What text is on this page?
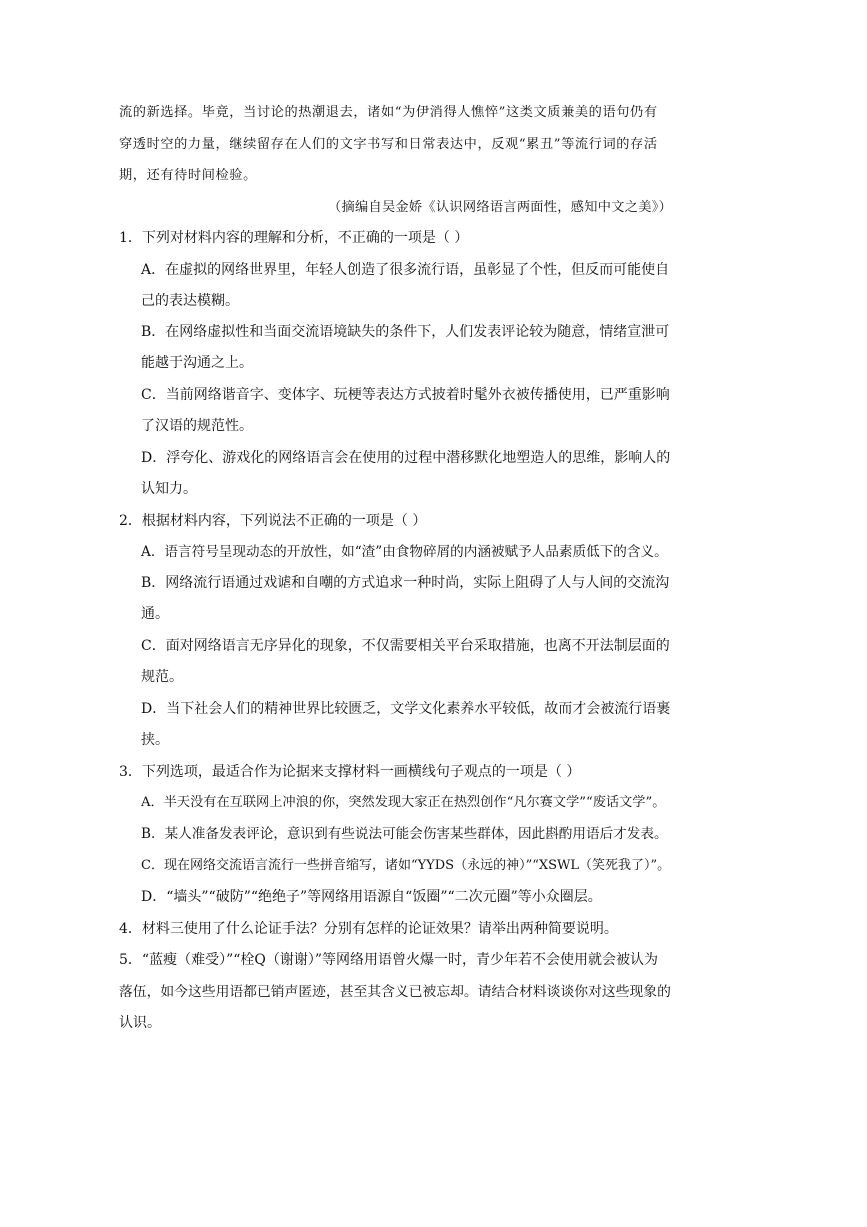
流的新选择。毕竟，当讨论的热潮退去，诸如“为伊消得人憔悴”这类文质兼美的语句仍有
穿透时空的力量，继续留存在人们的文字书写和日常表达中，反观“累丑”等流行词的存活
期，还有待时间检验。
（摘编自吴金娇《认识网络语言两面性，感知中文之美》）
1．下列对材料内容的理解和分析，不正确的一项是（ ）
A．在虚拟的网络世界里，年轻人创造了很多流行语，虽彰显了个性，但反而可能使自
己的表达模糊。
B．在网络虚拟性和当面交流语境缺失的条件下，人们发表评论较为随意，情绪宣泄可
能越于沟通之上。
C．当前网络谐音字、变体字、玩梗等表达方式披着时髦外衣被传播使用，已严重影响
了汉语的规范性。
D．浮夸化、游戏化的网络语言会在使用的过程中潜移默化地塑造人的思维，影响人的
认知力。
2．根据材料内容，下列说法不正确的一项是（ ）
A．语言符号呈现动态的开放性，如“渣”由食物碎屑的内涵被赋予人品素质低下的含义。
B．网络流行语通过戏谑和自嘲的方式追求一种时尚，实际上阻碍了人与人间的交流沟
通。
C．面对网络语言无序异化的现象，不仅需要相关平台采取措施，也离不开法制层面的
规范。
D．当下社会人们的精神世界比较匮乏，文学文化素养水平较低，故而才会被流行语裹
挟。
3．下列选项，最适合作为论据来支撑材料一画横线句子观点的一项是（ ）
A．半天没有在互联网上冲浪的你，突然发现大家正在热烈创作“凡尔赛文学”“废话文学”。
B．某人准备发表评论，意识到有些说法可能会伤害某些群体，因此斟酌用语后才发表。
C．现在网络交流语言流行一些拼音缩写，诸如“YYDS（永远的神）”“XSWL（笑死我了）”。
D．“墙头”“破防”“绝绝子”等网络用语源自“饭圈”“二次元圈”等小众圈层。
4．材料三使用了什么论证手法？分别有怎样的论证效果？请举出两种简要说明。
5．“蓝瘦（难受）”“栓Q（谢谢）”等网络用语曾火爆一时，青少年若不会使用就会被认为
落伍，如今这些用语都已销声匿迹，甚至其含义已被忘却。请结合材料谈谈你对这些现象的
认识。
